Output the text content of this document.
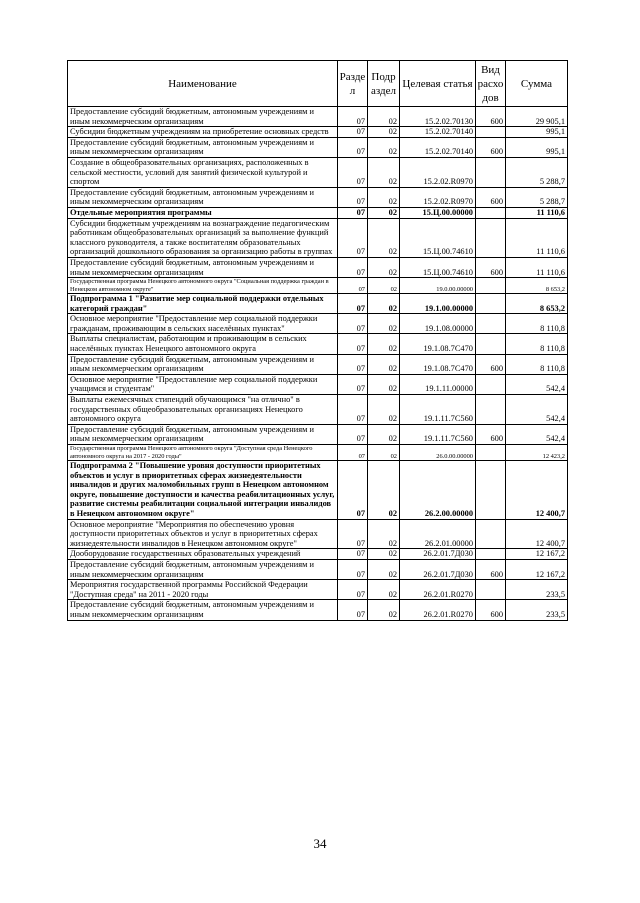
Наименование	Разде л	Подр аздел	Целевая статья	Вид расхо дов	Сумма
Предоставление субсидий бюджетным, автономным учреждениям и иным некоммерческим организациям	07	02	15.2.02.70130	600	29 905,1
Субсидии бюджетным учреждениям на приобретение основных средств	07	02	15.2.02.70140		995,1
Предоставление субсидий бюджетным, автономным учреждениям и иным некоммерческим организациям	07	02	15.2.02.70140	600	995,1
Создание в общеобразовательных организациях, расположенных в сельской местности, условий для занятий физической культурой и спортом	07	02	15.2.02.R0970		5 288,7
Предоставление субсидий бюджетным, автономным учреждениям и иным некоммерческим организациям	07	02	15.2.02.R0970	600	5 288,7
Отдельные мероприятия программы	07	02	15.Ц.00.00000		11 110,6
Субсидии бюджетным учреждениям на вознаграждение педагогическим работникам общеобразовательных организаций за выполнение функций классного руководителя, а также воспитателям образовательных организаций дошкольного образования за организацию работы в группах	07	02	15.Ц.00.74610		11 110,6
Предоставление субсидий бюджетным, автономным учреждениям и иным некоммерческим организациям	07	02	15.Ц.00.74610	600	11 110,6
Государственная программа Ненецкого автономного округа "Социальная поддержка граждан в Ненецком автономном округе"	07	02	19.0.00.00000		8 653,2
Подпрограмма 1 "Развитие мер социальной поддержки отдельных категорий граждан"	07	02	19.1.00.00000		8 653,2
Основное мероприятие "Предоставление мер социальной поддержки гражданам, проживающим в сельских населённых пунктах"	07	02	19.1.08.00000		8 110,8
Выплаты специалистам, работающим и проживающим в сельских населённых пунктах Ненецкого автономного округа	07	02	19.1.08.7С470		8 110,8
Предоставление субсидий бюджетным, автономным учреждениям и иным некоммерческим организациям	07	02	19.1.08.7С470	600	8 110,8
Основное мероприятие "Предоставление мер социальной поддержки учащимся и студентам"	07	02	19.1.11.00000		542,4
Выплаты ежемесячных стипендий обучающимся "на отлично" в государственных общеобразовательных организациях Ненецкого автономного округа	07	02	19.1.11.7С560		542,4
Предоставление субсидий бюджетным, автономным учреждениям и иным некоммерческим организациям	07	02	19.1.11.7С560	600	542,4
Государственная программа Ненецкого автономного округа "Доступная среда Ненецкого автономного округа на 2017 - 2020 годы"	07	02	26.0.00.00000		12 423,2
Подпрограмма 2 "Повышение уровня доступности приоритетных объектов и услуг в приоритетных сферах жизнедеятельности инвалидов и других маломобильных групп в Ненецком автономном округе, повышение доступности и качества реабилитационных услуг, развитие системы реабилитации социальной интеграции инвалидов в Ненецком автономном округе"	07	02	26.2.00.00000		12 400,7
Основное мероприятие "Мероприятия по обеспечению уровня доступности приоритетных объектов и услуг в приоритетных сферах жизнедеятельности инвалидов в Ненецком автономном округе"	07	02	26.2.01.00000		12 400,7
Дооборудование государственных образовательных учреждений	07	02	26.2.01.7Д030		12 167,2
Предоставление субсидий бюджетным, автономным учреждениям и иным некоммерческим организациям	07	02	26.2.01.7Д030	600	12 167,2
Мероприятия государственной программы Российской Федерации "Доступная среда" на 2011 - 2020 годы	07	02	26.2.01.R0270		233,5
Предоставление субсидий бюджетным, автономным учреждениям и иным некоммерческим организациям	07	02	26.2.01.R0270	600	233,5
34
